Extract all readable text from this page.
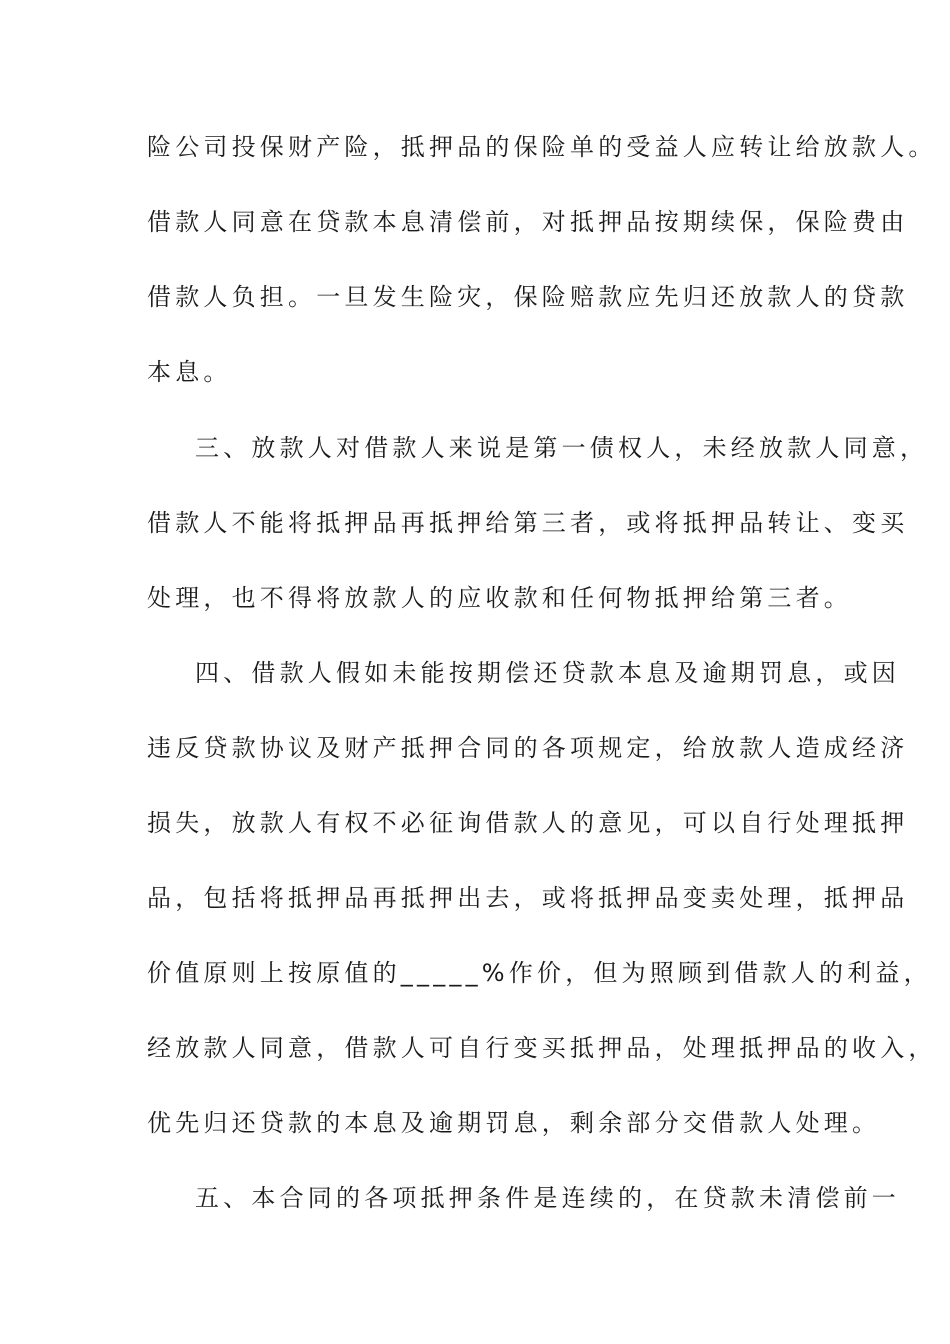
险公司投保财产险，抵押品的保险单的受益人应转让给放款人。
借款人同意在贷款本息清偿前，对抵押品按期续保，保险费由
借款人负担。一旦发生险灾，保险赔款应先归还放款人的贷款
本息。
三、放款人对借款人来说是第一债权人，未经放款人同意，
借款人不能将抵押品再抵押给第三者，或将抵押品转让、变买
处理，也不得将放款人的应收款和任何物抵押给第三者。
四、借款人假如未能按期偿还贷款本息及逾期罚息，或因
违反贷款协议及财产抵押合同的各项规定，给放款人造成经济
损失，放款人有权不必征询借款人的意见，可以自行处理抵押
品，包括将抵押品再抵押出去，或将抵押品变卖处理，抵押品
价值原则上按原值的_____%作价，但为照顾到借款人的利益，
经放款人同意，借款人可自行变买抵押品，处理抵押品的收入，
优先归还贷款的本息及逾期罚息，剩余部分交借款人处理。
五、本合同的各项抵押条件是连续的，在贷款未清偿前一
